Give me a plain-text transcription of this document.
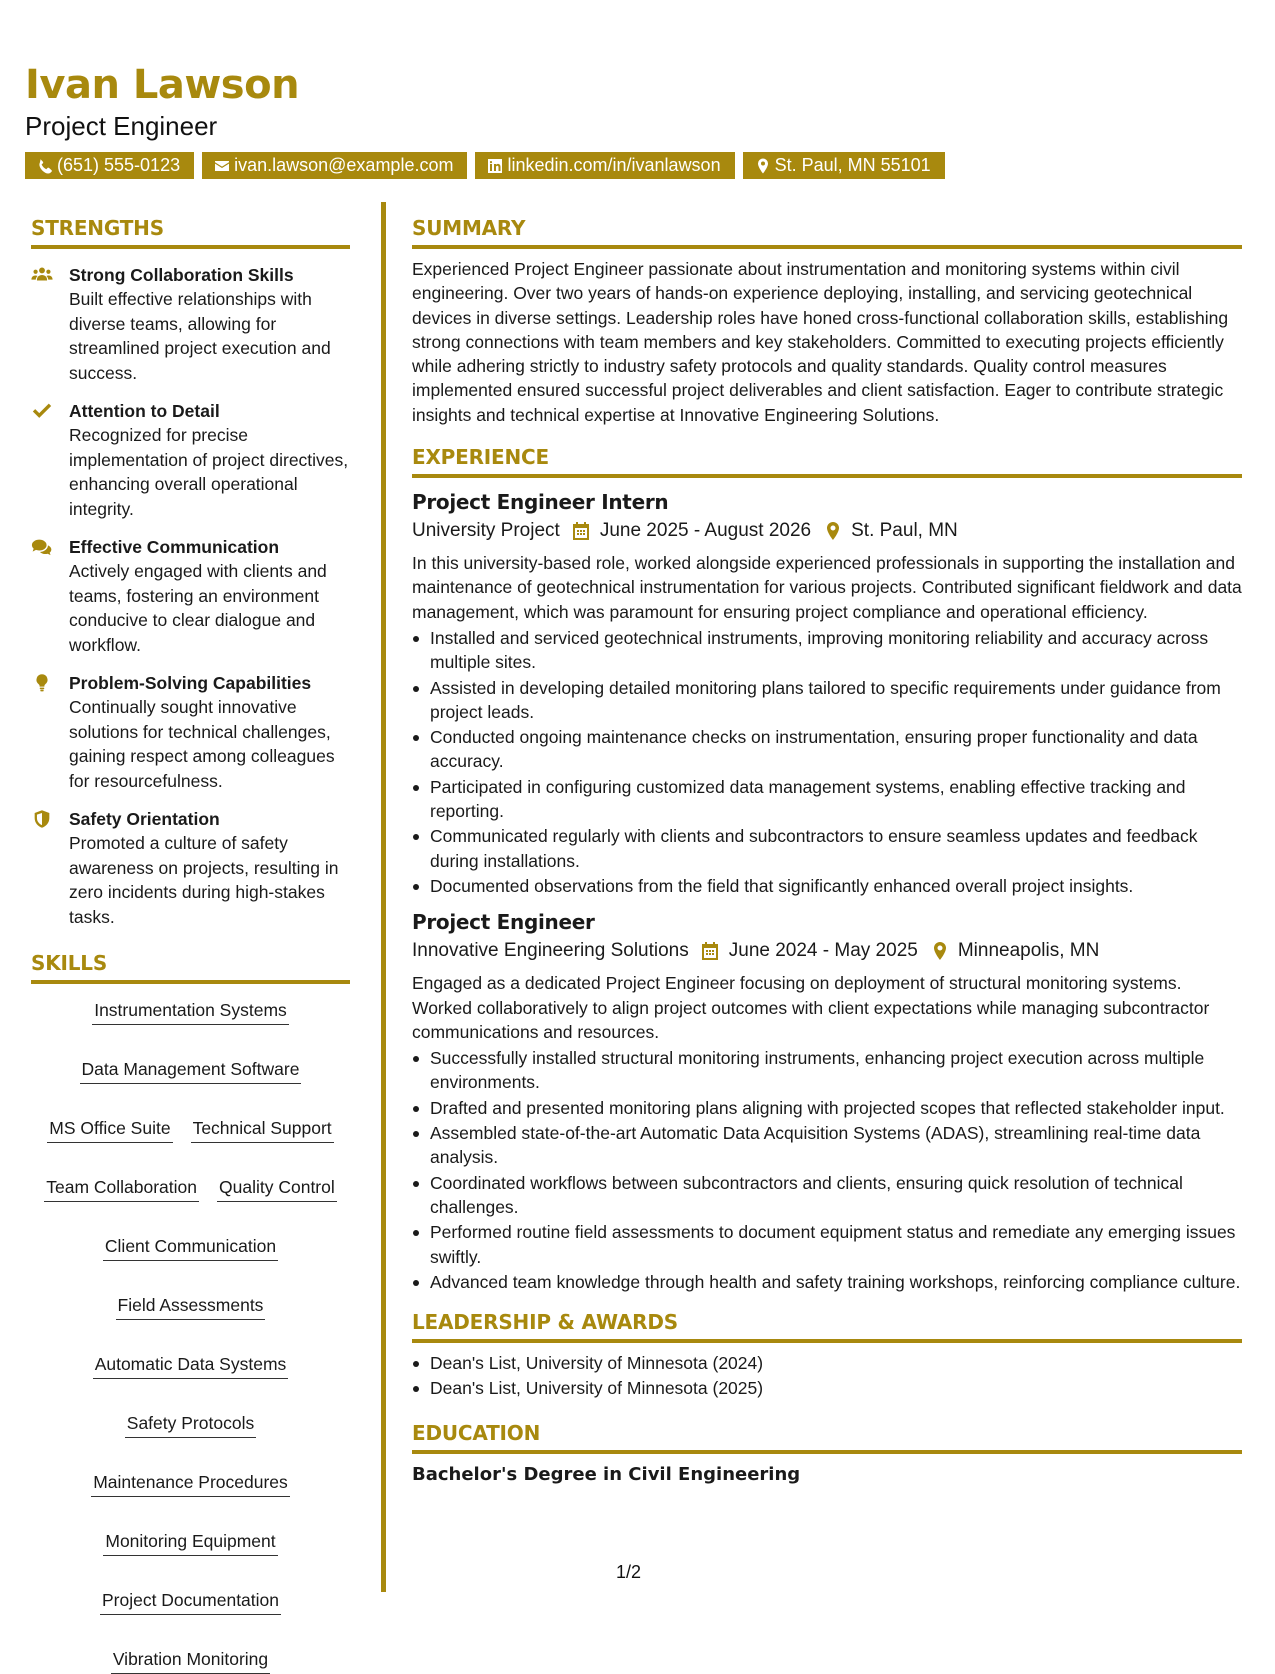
Ivan Lawson
Project Engineer
(651) 555-0123	ivan.lawson@example.com	linkedin.com/in/ivanlawson	St. Paul, MN 55101
STRENGTHS
Strong Collaboration Skills
Built effective relationships with diverse teams, allowing for streamlined project execution and success.
Attention to Detail
Recognized for precise implementation of project directives, enhancing overall operational integrity.
Effective Communication
Actively engaged with clients and teams, fostering an environment conducive to clear dialogue and workflow.
Problem-Solving Capabilities
Continually sought innovative solutions for technical challenges, gaining respect among colleagues for resourcefulness.
Safety Orientation
Promoted a culture of safety awareness on projects, resulting in zero incidents during high-stakes tasks.
SKILLS
Instrumentation Systems
Data Management Software
MS Office Suite Technical Support
Team Collaboration Quality Control
Client Communication
Field Assessments
Automatic Data Systems
Safety Protocols
Maintenance Procedures
Monitoring Equipment
Project Documentation
Vibration Monitoring
SUMMARY
Experienced Project Engineer passionate about instrumentation and monitoring systems within civil engineering. Over two years of hands-on experience deploying, installing, and servicing geotechnical devices in diverse settings. Leadership roles have honed cross-functional collaboration skills, establishing strong connections with team members and key stakeholders. Committed to executing projects efficiently while adhering strictly to industry safety protocols and quality standards. Quality control measures implemented ensured successful project deliverables and client satisfaction. Eager to contribute strategic insights and technical expertise at Innovative Engineering Solutions.
EXPERIENCE
Project Engineer Intern
University Project June 2025 - August 2026 St. Paul, MN
In this university-based role, worked alongside experienced professionals in supporting the installation and maintenance of geotechnical instrumentation for various projects. Contributed significant fieldwork and data management, which was paramount for ensuring project compliance and operational efficiency.
Installed and serviced geotechnical instruments, improving monitoring reliability and accuracy across multiple sites.
Assisted in developing detailed monitoring plans tailored to specific requirements under guidance from project leads.
Conducted ongoing maintenance checks on instrumentation, ensuring proper functionality and data accuracy.
Participated in configuring customized data management systems, enabling effective tracking and reporting.
Communicated regularly with clients and subcontractors to ensure seamless updates and feedback during installations.
Documented observations from the field that significantly enhanced overall project insights.
Project Engineer
Innovative Engineering Solutions June 2024 - May 2025 Minneapolis, MN
Engaged as a dedicated Project Engineer focusing on deployment of structural monitoring systems. Worked collaboratively to align project outcomes with client expectations while managing subcontractor communications and resources.
Successfully installed structural monitoring instruments, enhancing project execution across multiple environments.
Drafted and presented monitoring plans aligning with projected scopes that reflected stakeholder input.
Assembled state-of-the-art Automatic Data Acquisition Systems (ADAS), streamlining real-time data analysis.
Coordinated workflows between subcontractors and clients, ensuring quick resolution of technical challenges.
Performed routine field assessments to document equipment status and remediate any emerging issues swiftly.
Advanced team knowledge through health and safety training workshops, reinforcing compliance culture.
LEADERSHIP & AWARDS
Dean's List, University of Minnesota (2024)
Dean's List, University of Minnesota (2025)
EDUCATION
Bachelor's Degree in Civil Engineering
1/2
